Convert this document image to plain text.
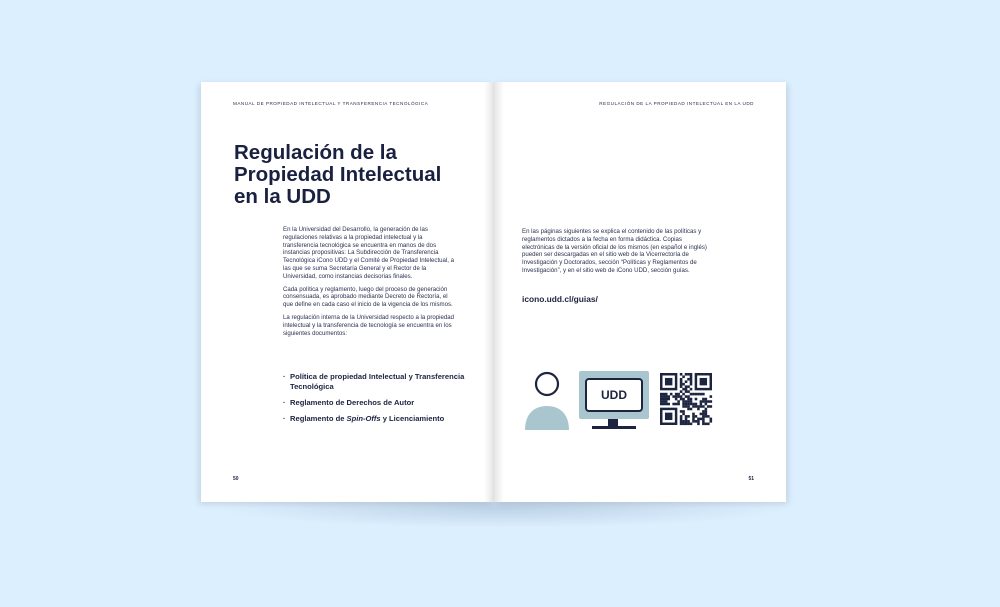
MANUAL DE PROPIEDAD INTELECTUAL Y TRANSFERENCIA TECNOLÓGICA
Regulación de la
Propiedad Intelectual
en la UDD

En la Universidad del Desarrollo, la generación de las regulaciones relativas a la propiedad intelectual y la transferencia tecnológica se encuentra en manos de dos instancias propositivas: La Subdirección de Transferencia Tecnológica iCono UDD y el Comité de Propiedad Intelectual, a las que se suma Secretaría General y el Rector de la Universidad, como instancias decisorias finales.

Cada política y reglamento, luego del proceso de generación consensuada, es aprobado mediante Decreto de Rectoría, el que define en cada caso el inicio de la vigencia de los mismos.

La regulación interna de la Universidad respecto a la propiedad intelectual y la transferencia de tecnología se encuentra en los siguientes documentos:

· Política de propiedad Intelectual y Transferencia Tecnológica
· Reglamento de Derechos de Autor
· Reglamento de Spin-Offs y Licenciamiento
50
REGULACIÓN DE LA PROPIEDAD INTELECTUAL EN LA UDD

En las páginas siguientes se explica el contenido de las políticas y reglamentos dictados a la fecha en forma didáctica. Copias electrónicas de la versión oficial de los mismos (en español e inglés) pueden ser descargadas en el sitio web de la Vicerrectoría de Investigación y Doctorados, sección “Políticas y Reglamentos de Investigación”, y en el sitio web de iCono UDD, sección guías.

icono.udd.cl/guias/
UDD
51
